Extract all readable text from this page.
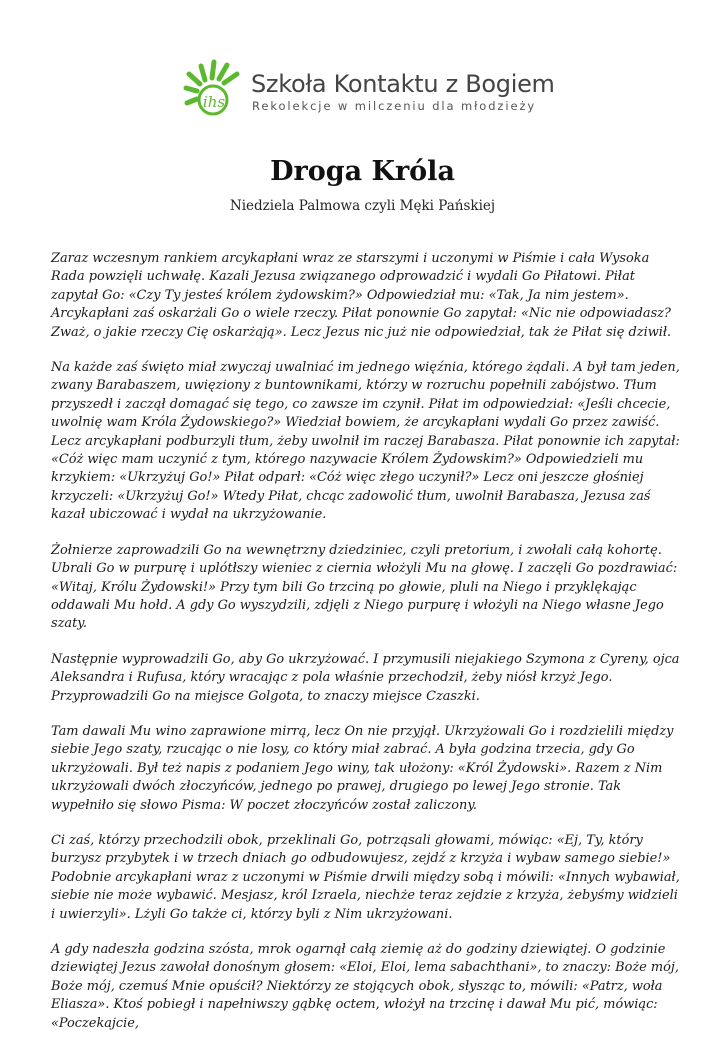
ihs
Szkoła Kontaktu z Bogiem
Rekolekcje w milczeniu dla młodzieży
Droga Króla
Niedziela Palmowa czyli Męki Pańskiej

Zaraz wczesnym rankiem arcykapłani wraz ze starszymi i uczonymi w Piśmie i cała Wysoka Rada powzięli uchwałę. Kazali Jezusa związanego odprowadzić i wydali Go Piłatowi. Piłat zapytał Go: «Czy Ty jesteś królem żydowskim?» Odpowiedział mu: «Tak, Ja nim jestem». Arcykapłani zaś oskarżali Go o wiele rzeczy. Piłat ponownie Go zapytał: «Nic nie odpowiadasz? Zważ, o jakie rzeczy Cię oskarżają». Lecz Jezus nic już nie odpowiedział, tak że Piłat się dziwił.

Na każde zaś święto miał zwyczaj uwalniać im jednego więźnia, którego żądali. A był tam jeden, zwany Barabaszem, uwięziony z buntownikami, którzy w rozruchu popełnili zabójstwo. Tłum przyszedł i zaczął domagać się tego, co zawsze im czynił. Piłat im odpowiedział: «Jeśli chcecie, uwolnię wam Króla Żydowskiego?» Wiedział bowiem, że arcykapłani wydali Go przez zawiść. Lecz arcykapłani podburzyli tłum, żeby uwolnił im raczej Barabasza. Piłat ponownie ich zapytał: «Cóż więc mam uczynić z tym, którego nazywacie Królem Żydowskim?» Odpowiedzieli mu krzykiem: «Ukrzyżuj Go!» Piłat odparł: «Cóż więc złego uczynił?» Lecz oni jeszcze głośniej krzyczeli: «Ukrzyżuj Go!» Wtedy Piłat, chcąc zadowolić tłum, uwolnił Barabasza, Jezusa zaś kazał ubiczować i wydał na ukrzyżowanie.

Żołnierze zaprowadzili Go na wewnętrzny dziedziniec, czyli pretorium, i zwołali całą kohortę. Ubrali Go w purpurę i uplótłszy wieniec z ciernia włożyli Mu na głowę. I zaczęli Go pozdrawiać: «Witaj, Królu Żydowski!» Przy tym bili Go trzciną po głowie, pluli na Niego i przyklękając oddawali Mu hołd. A gdy Go wyszydzili, zdjęli z Niego purpurę i włożyli na Niego własne Jego szaty.

Następnie wyprowadzili Go, aby Go ukrzyżować. I przymusili niejakiego Szymona z Cyreny, ojca Aleksandra i Rufusa, który wracając z pola właśnie przechodził, żeby niósł krzyż Jego. Przyprowadzili Go na miejsce Golgota, to znaczy miejsce Czaszki.

Tam dawali Mu wino zaprawione mirrą, lecz On nie przyjął. Ukrzyżowali Go i rozdzielili między siebie Jego szaty, rzucając o nie losy, co który miał zabrać. A była godzina trzecia, gdy Go ukrzyżowali. Był też napis z podaniem Jego winy, tak ułożony: «Król Żydowski». Razem z Nim ukrzyżowali dwóch złoczyńców, jednego po prawej, drugiego po lewej Jego stronie. Tak wypełniło się słowo Pisma: W poczet złoczyńców został zaliczony.

Ci zaś, którzy przechodzili obok, przeklinali Go, potrząsali głowami, mówiąc: «Ej, Ty, który burzysz przybytek i w trzech dniach go odbudowujesz, zejdź z krzyża i wybaw samego siebie!» Podobnie arcykapłani wraz z uczonymi w Piśmie drwili między sobą i mówili: «Innych wybawiał, siebie nie może wybawić. Mesjasz, król Izraela, niechże teraz zejdzie z krzyża, żebyśmy widzieli i uwierzyli». Lżyli Go także ci, którzy byli z Nim ukrzyżowani.

A gdy nadeszła godzina szósta, mrok ogarnął całą ziemię aż do godziny dziewiątej. O godzinie dziewiątej Jezus zawołał donośnym głosem: «Eloi, Eloi, lema sabachthani», to znaczy: Boże mój, Boże mój, czemuś Mnie opuścił? Niektórzy ze stojących obok, słysząc to, mówili: «Patrz, woła Eliasza». Ktoś pobiegł i napełniwszy gąbkę octem, włożył na trzcinę i dawał Mu pić, mówiąc: «Poczekajcie,
